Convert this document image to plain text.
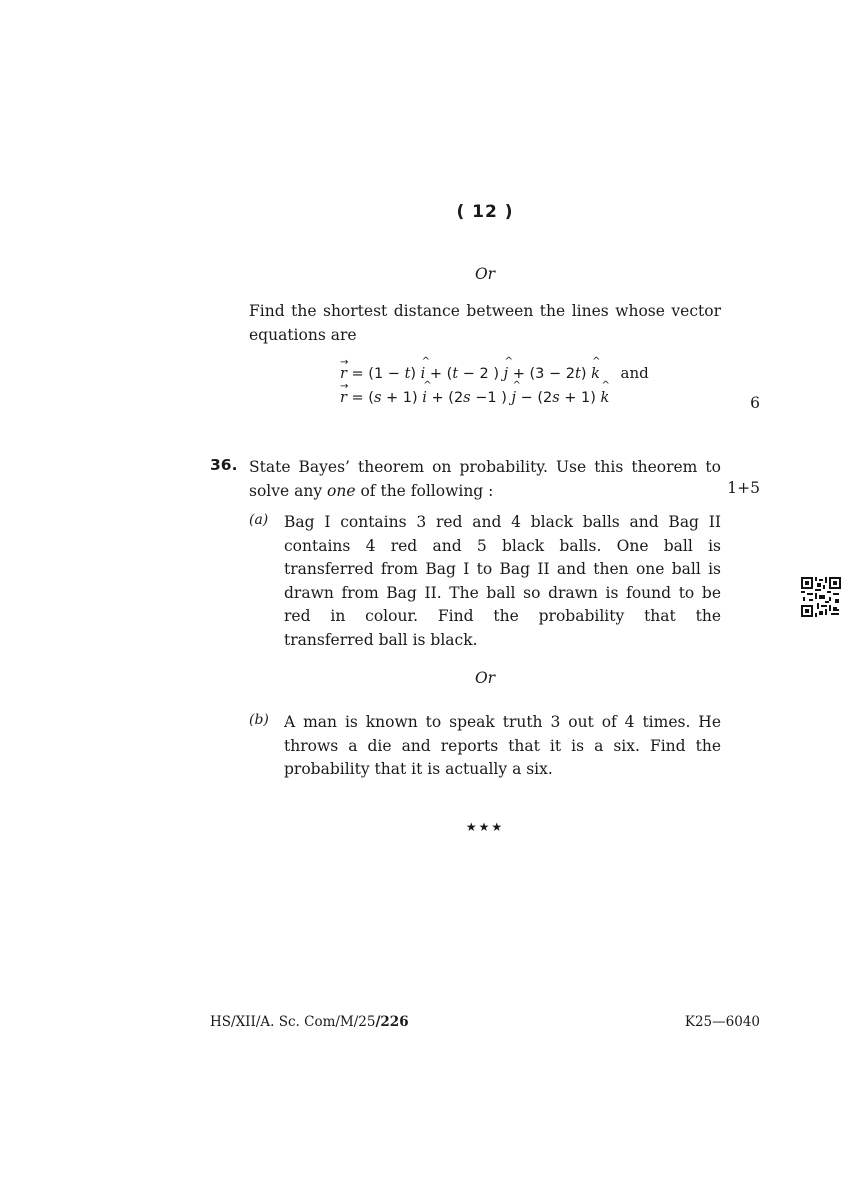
( 12 )
Or
Find the shortest distance between the lines whose vector
equations are
r
→
= (1 − t) i
^
+ (t − 2 ) j
^
+ (3 − 2t) k
^
and
r
→
= (s + 1) i
^
+ (2s −1 ) j
^
− (2s + 1) k
^
6
36. State Bayes’ theorem on probability. Use this theorem to
solve any one of the following :	1+5
(a) Bag I contains 3 red and 4 black balls and Bag II
contains 4 red and 5 black balls. One ball is
transferred from Bag I to Bag II and then one ball is
drawn from Bag II. The ball so drawn is found to be
red in colour. Find the probability that the
transferred ball is black.
Or
(b) A man is known to speak truth 3 out of 4 times. He
throws a die and reports that it is a six. Find the
probability that it is actually a six.
★★★
HS/XII/A. Sc. Com/M/25/226	K25—6040
